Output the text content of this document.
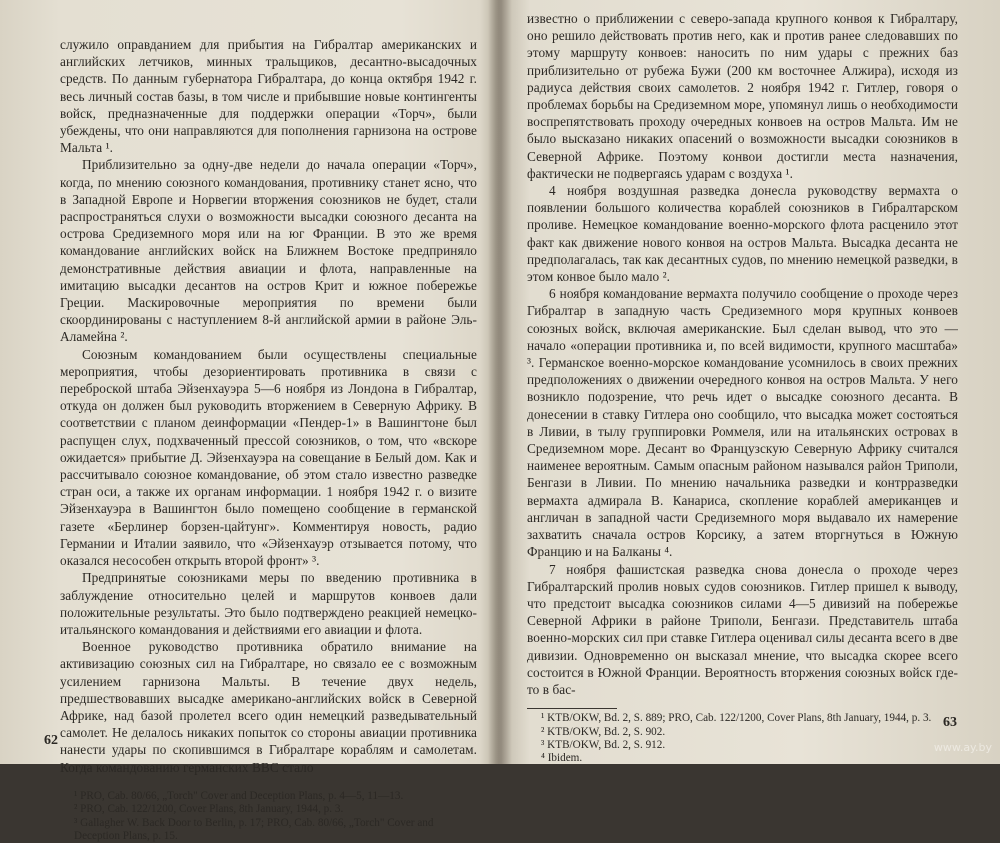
служило оправданием для прибытия на Гибралтар американских и английских летчиков, минных тральщиков, десантно-высадочных средств. По данным губернатора Гибралтара, до конца октября 1942 г. весь личный состав базы, в том числе и прибывшие новые контингенты войск, предназначенные для поддержки операции «Торч», были убеждены, что они направляются для пополнения гарнизона на острове Мальта ¹.

Приблизительно за одну-две недели до начала операции «Торч», когда, по мнению союзного командования, противнику станет ясно, что в Западной Европе и Норвегии вторжения союзников не будет, стали распространяться слухи о возможности высадки союзного десанта на острова Средиземного моря или на юг Франции. В это же время командование английских войск на Ближнем Востоке предприняло демонстративные действия авиации и флота, направленные на имитацию высадки десантов на остров Крит и южное побережье Греции. Маскировочные мероприятия по времени были скоординированы с наступлением 8-й английской армии в районе Эль-Аламейна ².

Союзным командованием были осуществлены специальные мероприятия, чтобы дезориентировать противника в связи с переброской штаба Эйзенхауэра 5—6 ноября из Лондона в Гибралтар, откуда он должен был руководить вторжением в Северную Африку. В соответствии с планом деинформации «Пендер-1» в Вашингтоне был распущен слух, подхваченный прессой союзников, о том, что «вскоре ожидается» прибытие Д. Эйзенхауэра на совещание в Белый дом. Как и рассчитывало союзное командование, об этом стало известно разведке стран оси, а также их органам информации. 1 ноября 1942 г. о визите Эйзенхауэра в Вашингтон было помещено сообщение в германской газете «Берлинер борзен-цайтунг». Комментируя новость, радио Германии и Италии заявило, что «Эйзенхауэр отзывается потому, что оказался несособен открыть второй фронт» ³.

Предпринятые союзниками меры по введению противника в заблуждение относительно целей и маршрутов конвоев дали положительные результаты. Это было подтверждено реакцией немецко-итальянского командования и действиями его авиации и флота.

Военное руководство противника обратило внимание на активизацию союзных сил на Гибралтаре, но связало ее с возможным усилением гарнизона Мальты. В течение двух недель, предшествовавших высадке американо-английских войск в Северной Африке, над базой пролетел всего один немецкий разведывательный самолет. Не делалось никаких попыток со стороны авиации противника нанести удары по скопившимся в Гибралтаре кораблям и самолетам. Когда командованию германских ВВС стало

¹ PRO, Cab. 80/66, „Torch" Cover and Deception Plans, p. 4—5, 11—13.

² PRO, Cab. 122/1200, Cover Plans, 8th January, 1944, p. 3.

³ Gallagher W. Back Door to Berlin, p. 17; PRO, Cab. 80/66, „Torch" Cover and Deception Plans, p. 15.

известно о приближении с северо-запада крупного конвоя к Гибралтару, оно решило действовать против него, как и против ранее следовавших по этому маршруту конвоев: наносить по ним удары с прежних баз приблизительно от рубежа Бужи (200 км восточнее Алжира), исходя из радиуса действия своих самолетов. 2 ноября 1942 г. Гитлер, говоря о проблемах борьбы на Средиземном море, упомянул лишь о необходимости воспрепятствовать проходу очередных конвоев на остров Мальта. Им не было высказано никаких опасений о возможности высадки союзников в Северной Африке. Поэтому конвои достигли места назначения, фактически не подвергаясь ударам с воздуха ¹.

4 ноября воздушная разведка донесла руководству вермахта о появлении большого количества кораблей союзников в Гибралтарском проливе. Немецкое командование военно-морского флота расценило этот факт как движение нового конвоя на остров Мальта. Высадка десанта не предполагалась, так как десантных судов, по мнению немецкой разведки, в этом конвое было мало ².

6 ноября командование вермахта получило сообщение о проходе через Гибралтар в западную часть Средиземного моря крупных конвоев союзных войск, включая американские. Был сделан вывод, что это — начало «операции противника и, по всей видимости, крупного масштаба» ³. Германское военно-морское командование усомнилось в своих прежних предположениях о движении очередного конвоя на остров Мальта. У него возникло подозрение, что речь идет о высадке союзного десанта. В донесении в ставку Гитлера оно сообщило, что высадка может состояться в Ливии, в тылу группировки Роммеля, или на итальянских островах в Средиземном море. Десант во Французскую Северную Африку считался наименее вероятным. Самым опасным районом назывался район Триполи, Бенгази в Ливии. По мнению начальника разведки и контрразведки вермахта адмирала В. Канариса, скопление кораблей американцев и англичан в западной части Средиземного моря выдавало их намерение захватить сначала остров Корсику, а затем вторгнуться в Южную Францию и на Балканы ⁴.

7 ноября фашистская разведка снова донесла о проходе через Гибралтарский пролив новых судов союзников. Гитлер пришел к выводу, что предстоит высадка союзников силами 4—5 дивизий на побережье Северной Африки в районе Триполи, Бенгази. Представитель штаба военно-морских сил при ставке Гитлера оценивал силы десанта всего в две дивизии. Одновременно он высказал мнение, что высадка скорее всего состоится в Южной Франции. Вероятность вторжения союзных войск где-то в бас-

¹ KTB/OKW, Bd. 2, S. 889; PRO, Cab. 122/1200, Cover Plans, 8th January, 1944, p. 3.

² KTB/OKW, Bd. 2, S. 902.

³ KTB/OKW, Bd. 2, S. 912.

⁴ Ibidem.

62
63
www.ay.by
